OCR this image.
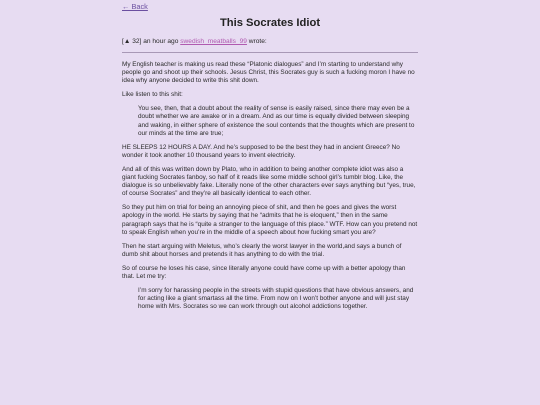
← Back
This Socrates Idiot
[▲ 32] an hour ago swedish_meatballs_99 wrote:

My English teacher is making us read these “Platonic dialogues” and I’m starting to understand why people go and shoot up their schools. Jesus Christ, this Socrates guy is such a fucking moron I have no idea why anyone decided to write this shit down.

Like listen to this shit:

You see, then, that a doubt about the reality of sense is easily raised, since there may even be a doubt whether we are awake or in a dream. And as our time is equally divided between sleeping and waking, in either sphere of existence the soul contends that the thoughts which are present to our minds at the time are true;

HE SLEEPS 12 HOURS A DAY. And he’s supposed to be the best they had in ancient Greece? No wonder it took another 10 thousand years to invent electricity.

And all of this was written down by Plato, who in addition to being another complete idiot was also a giant fucking Socrates fanboy, so half of it reads like some middle school girl’s tumblr blog. Like, the dialogue is so unbelievably fake. Literally none of the other characters ever says anything but “yes, true, of course Socrates” and they’re all basically identical to each other.

So they put him on trial for being an annoying piece of shit, and then he goes and gives the worst apology in the world. He starts by saying that he “admits that he is eloquent,” then in the same paragraph says that he is “quite a stranger to the language of this place.” WTF. How can you pretend not to speak English when you’re in the middle of a speech about how fucking smart you are?

Then he start arguing with Meletus, who’s clearly the worst lawyer in the world,and says a bunch of dumb shit about horses and pretends it has anything to do with the trial.

So of course he loses his case, since literally anyone could have come up with a better apology than that. Let me try:

I’m sorry for harassing people in the streets with stupid questions that have obvious answers, and for acting like a giant smartass all the time. From now on I won’t bother anyone and will just stay home with Mrs. Socrates so we can work through out alcohol addictions together.
